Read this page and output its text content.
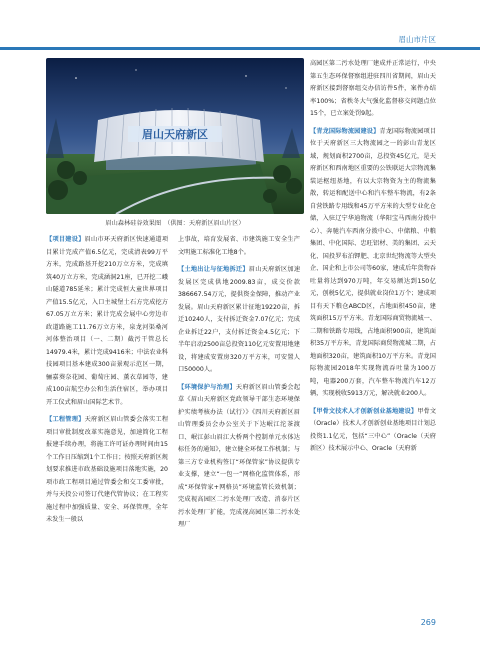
眉山市片区
眉山天府新区
眉山森林硅谷效果图　（供图：天府新区眉山片区）

【 项目建设 】 眉山市环天府新区快速通道项目累计完成产值6.5亿元，完成清表99万平方米，完成路基开挖210万立方米，完成填筑40万立方米，完成涵洞21座，已开挖二峨山隧道785延米；累计完成恒大童世界项目产值15.5亿元，入口主城堡土石方完成挖方67.05万立方米；累计完成会展中心旁边市政道路施工11.76万立方米，泉龙河渠桑河河体整治项目（一、二期）截污干管总长14979.4米，累计完成9416米；中法农业科技园项目基本建成300亩景观示范区一期，骊嘉葵奈花园、葡萄庄园、薰衣草园等，建成100亩航空办公和生活住宿区，举办项目开工仪式和眉山国际艺术节。

【 工程管理 】 天府新区眉山管委会落实工程项目审批制度改革实施意见，加速简化工程报建手续办理，将施工许可证办理时间由15个工作日压缩到1个工作日；按照天府新区规划要求推进市政基础设施项目落地实施，20项市政工程项目通过管委会和交工委审批，并与天投公司签订代建代管协议；在工程实施过程中加强质量、安全、环保管理，全年未发生一般以

上事故，培育发展省、市建筑施工安全生产文明施工标准化工地8个。

【 土地出让与征地拆迁 】 眉山天府新区加速发展区完成供地2009.83亩，成交价款386667.54万元，提供资金保障，推动产业发展。眉山天府新区累计征地19220亩，拆迁10240人，支付拆迁资金7.07亿元；完成企业拆迁22户，支付拆迁资金4.5亿元；下半年启动2500亩总投资110亿元安置用地建设，将建成安置房320万平方米，可安置人口50000人。

【 环境保护与治理 】 天府新区眉山管委会起草《眉山天府新区党政领导干部生态环境保护实绩考核办法（试行）》《四川天府新区眉山管理委员会办公室关于下达岷江沱茶渡口、岷江彭山眉江大桥两个控制单元水体达标任务的通知》，建立健全环保工作机制；与第三方专业机构签订“环保管家”协议提供专业支撑，建立“一包一”网格化监管体系，形成“环保管家+网格员”环境监管长效机制；完成视高园区二污水处理厂改造、消泰片区污水处理厂扩能，完成视高园区第二污水处理厂

高园区第二污水处理厂建成并正常运行，中央第五生态环保督察组进驻四川省期间，眉山天府新区接到督察组交办信访件5件，案件办结率100%；省秩冬大气强化监督移交问题点位15个，已立案处罚9起。

【 青龙国际物流园建设 】 青龙国际物流园项目位于天府新区三大物流园之一的彭山青龙区域，规划面积2700亩，总投资45亿元，是天府新区和西南地区重要的公铁联运大宗物流集装运枢纽基地，有以大宗物资为主的物流集散，转运和配送中心和汽车整车物流，有2条自营铁路专用线和45万平方米的大型专业化仓储，入驻辽宁华迪物流（华阳宝马西南分拨中心）、奔驰汽车西南分拨中心、中储粮、中粮集团、中化国际、忠旺铝材、美的集团、云天化、国投罗布泊钾肥、北京世纪物流等大型央企、国企和上市公司等60家，建成后年货物吞吐量将达到970万吨，年交易额达到150亿元，创税5亿元，提供就业岗位1万个；建成项目有天下粮仓ABCD区，占地面积450亩，建筑面积15万平方米。青龙国际商贸物流城一、二期和铁路专用线，占地面积900亩，建筑面积35万平方米，青龙国际商贸物流城二期，占地面积320亩，建筑面积10万平方米。青龙国际物流园2018年实现物流吞吐量为100万吨，电器200万套，汽车整车物流汽车12万辆，实现税收5913万元，解决就业200人。

【 甲骨文技术人才创新创业基地建设 】 甲骨文（Oracle）技术人才创新创业基地项目计划总投资1.1亿元，包括“三中心”（Oracle（天府新区）技术展示中心、Oracle（天府新

269
